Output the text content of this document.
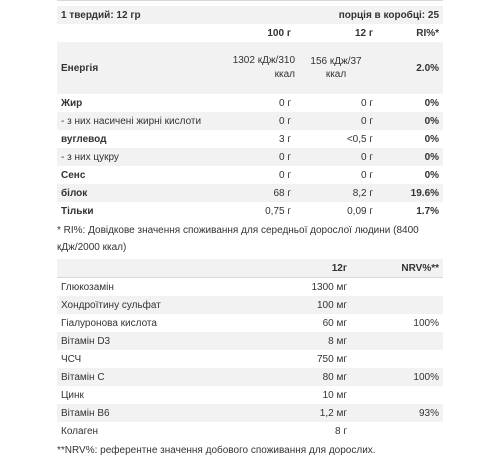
1 твердий: 12 гр		порція в коробці: 25	
	100 г	12 г	RI%*
Енергія	1302 кДж/310 ккал	156 кДж/37 ккал	2.0%
Жир	0 г	0 г	0%
- з них насичені жирні кислоти	0 г	0 г	0%
вуглевод	3 г	<0,5 г	0%
- з них цукру	0 г	0 г	0%
Сенс	0 г	0 г	0%
білок	68 г	8,2 г	19.6%
Тільки	0,75 г	0,09 г	1.7%
* RI%: Довідкове значення споживання для середньої дорослої людини (8400 кДж/2000 ккал)
	12г	NRV%**
Глюкозамін	1300 мг	
Хондроїтину сульфат	100 мг	
Гіалуронова кислота	60 мг	100%
Вітамін D3	8 мг	
ЧСЧ	750 мг	
Вітамін С	80 мг	100%
Цинк	10 мг	
Вітамін B6	1,2 мг	93%
Колаген	8 г	
**NRV%: референтне значення добового споживання для дорослих.
